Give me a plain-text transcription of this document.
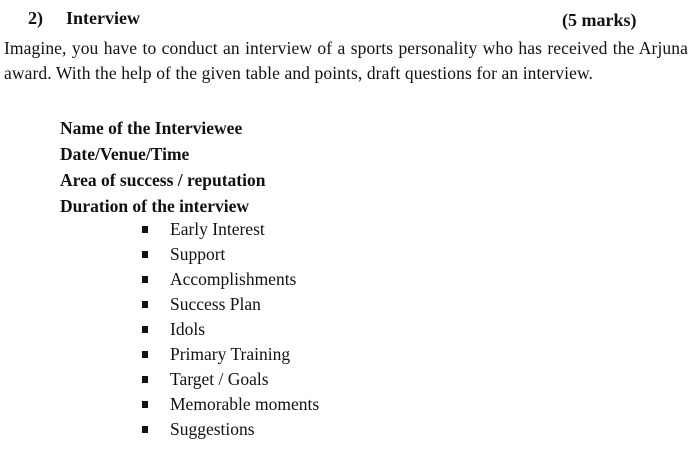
2) Interview	(5 marks)
Imagine, you have to conduct an interview of a sports personality who has received the Arjuna award. With the help of the given table and points, draft questions for an interview.
Name of the Interviewee
Date/Venue/Time
Area of success / reputation
Duration of the interview
Early Interest
Support
Accomplishments
Success Plan
Idols
Primary Training
Target / Goals
Memorable moments
Suggestions
